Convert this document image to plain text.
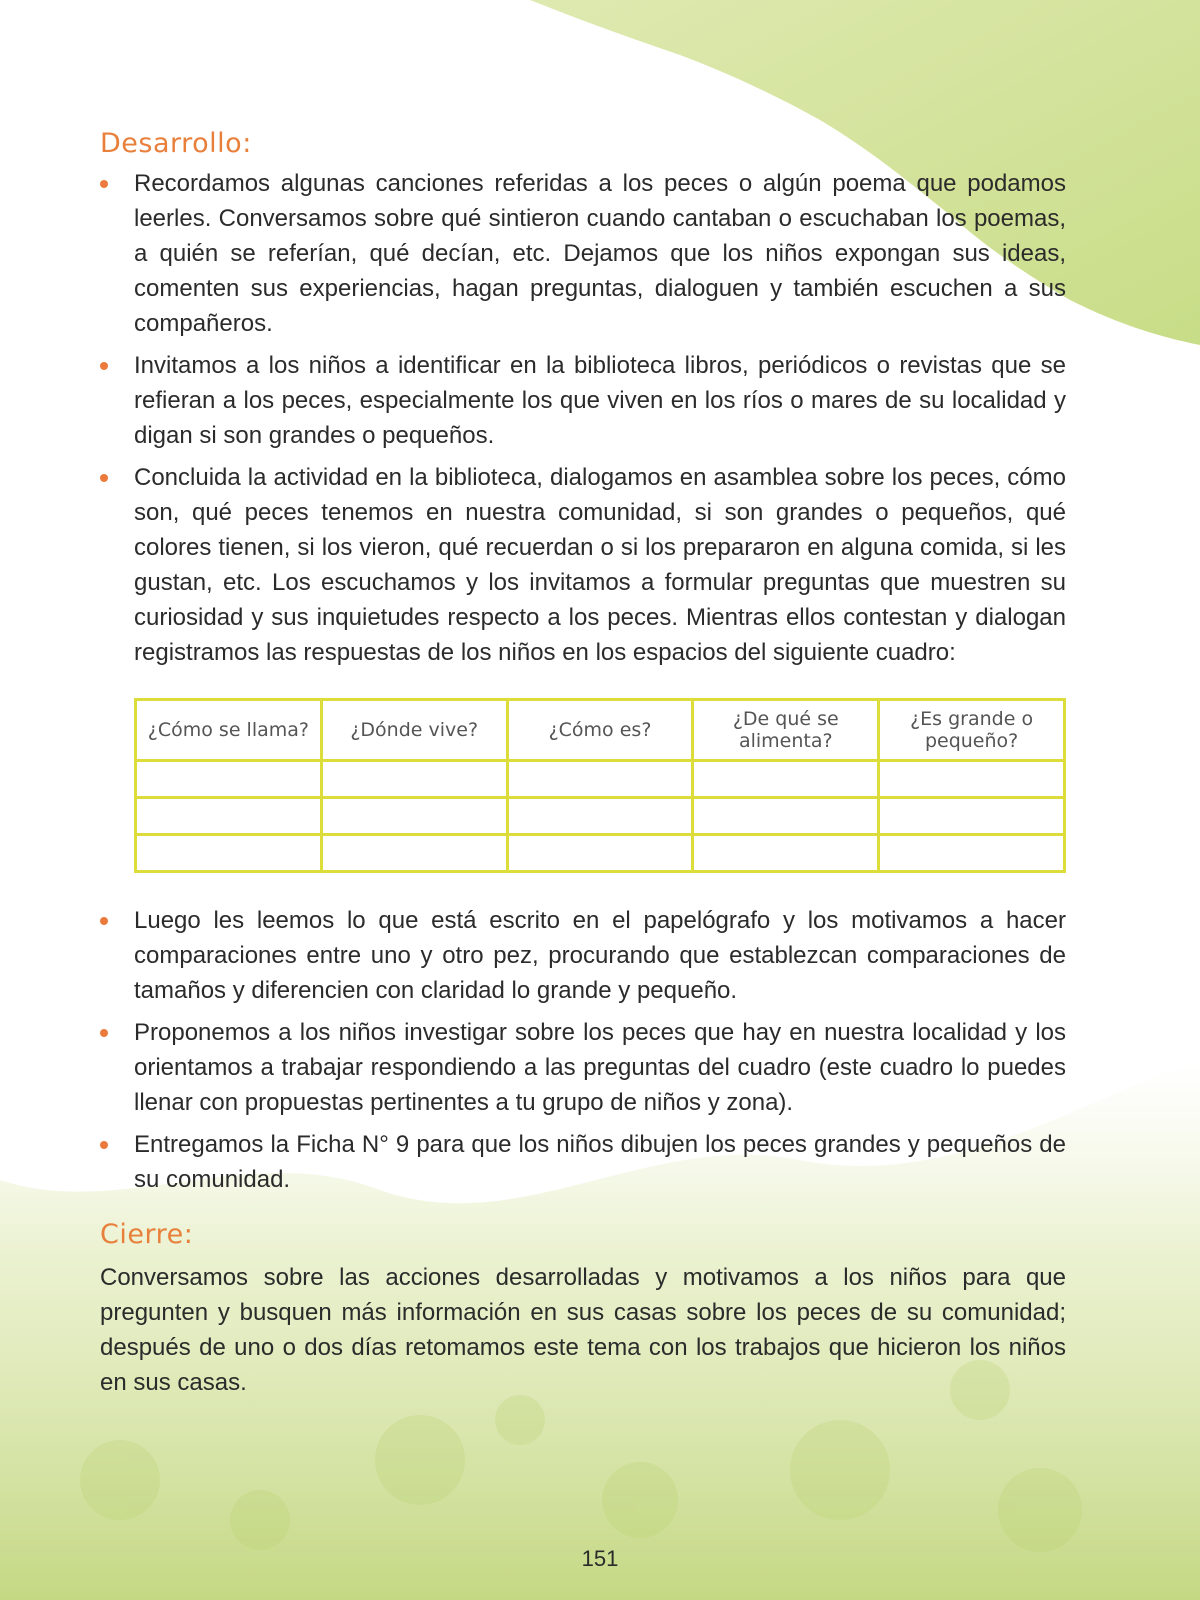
Desarrollo:
Recordamos algunas canciones referidas a los peces o algún poema que podamos leerles. Conversamos sobre qué sintieron cuando cantaban o escuchaban los poemas, a quién se referían, qué decían, etc. Dejamos que los niños expongan sus ideas, comenten sus experiencias, hagan preguntas, dialoguen y también escuchen a sus compañeros.
Invitamos a los niños a identificar en la biblioteca libros, periódicos o revistas que se refieran a los peces, especialmente los que viven en los ríos o mares de su localidad y digan si son grandes o pequeños.
Concluida la actividad en la biblioteca, dialogamos en asamblea sobre los peces, cómo son, qué peces tenemos en nuestra comunidad, si son grandes o pequeños, qué colores tienen, si los vieron, qué recuerdan o si los prepararon en alguna comida, si les gustan, etc. Los escuchamos y los invitamos a formular preguntas que muestren su curiosidad y sus inquietudes respecto a los peces. Mientras ellos contestan y dialogan registramos las respuestas de los niños en los espacios del siguiente cuadro:
¿Cómo se llama?	¿Dónde vive?	¿Cómo es?	¿De qué se alimenta?	¿Es grande o pequeño?

Luego les leemos lo que está escrito en el papelógrafo y los motivamos a hacer comparaciones entre uno y otro pez, procurando que establezcan comparaciones de tamaños y diferencien con claridad lo grande y pequeño.
Proponemos a los niños investigar sobre los peces que hay en nuestra localidad y los orientamos a trabajar respondiendo a las preguntas del cuadro (este cuadro lo puedes llenar con propuestas pertinentes a tu grupo de niños y zona).
Entregamos la Ficha N° 9 para que los niños dibujen los peces grandes y pequeños de su comunidad.
Cierre:

Conversamos sobre las acciones desarrolladas y motivamos a los niños para que pregunten y busquen más información en sus casas sobre los peces de su comunidad; después de uno o dos días retomamos este tema con los trabajos que hicieron los niños en sus casas.

151
